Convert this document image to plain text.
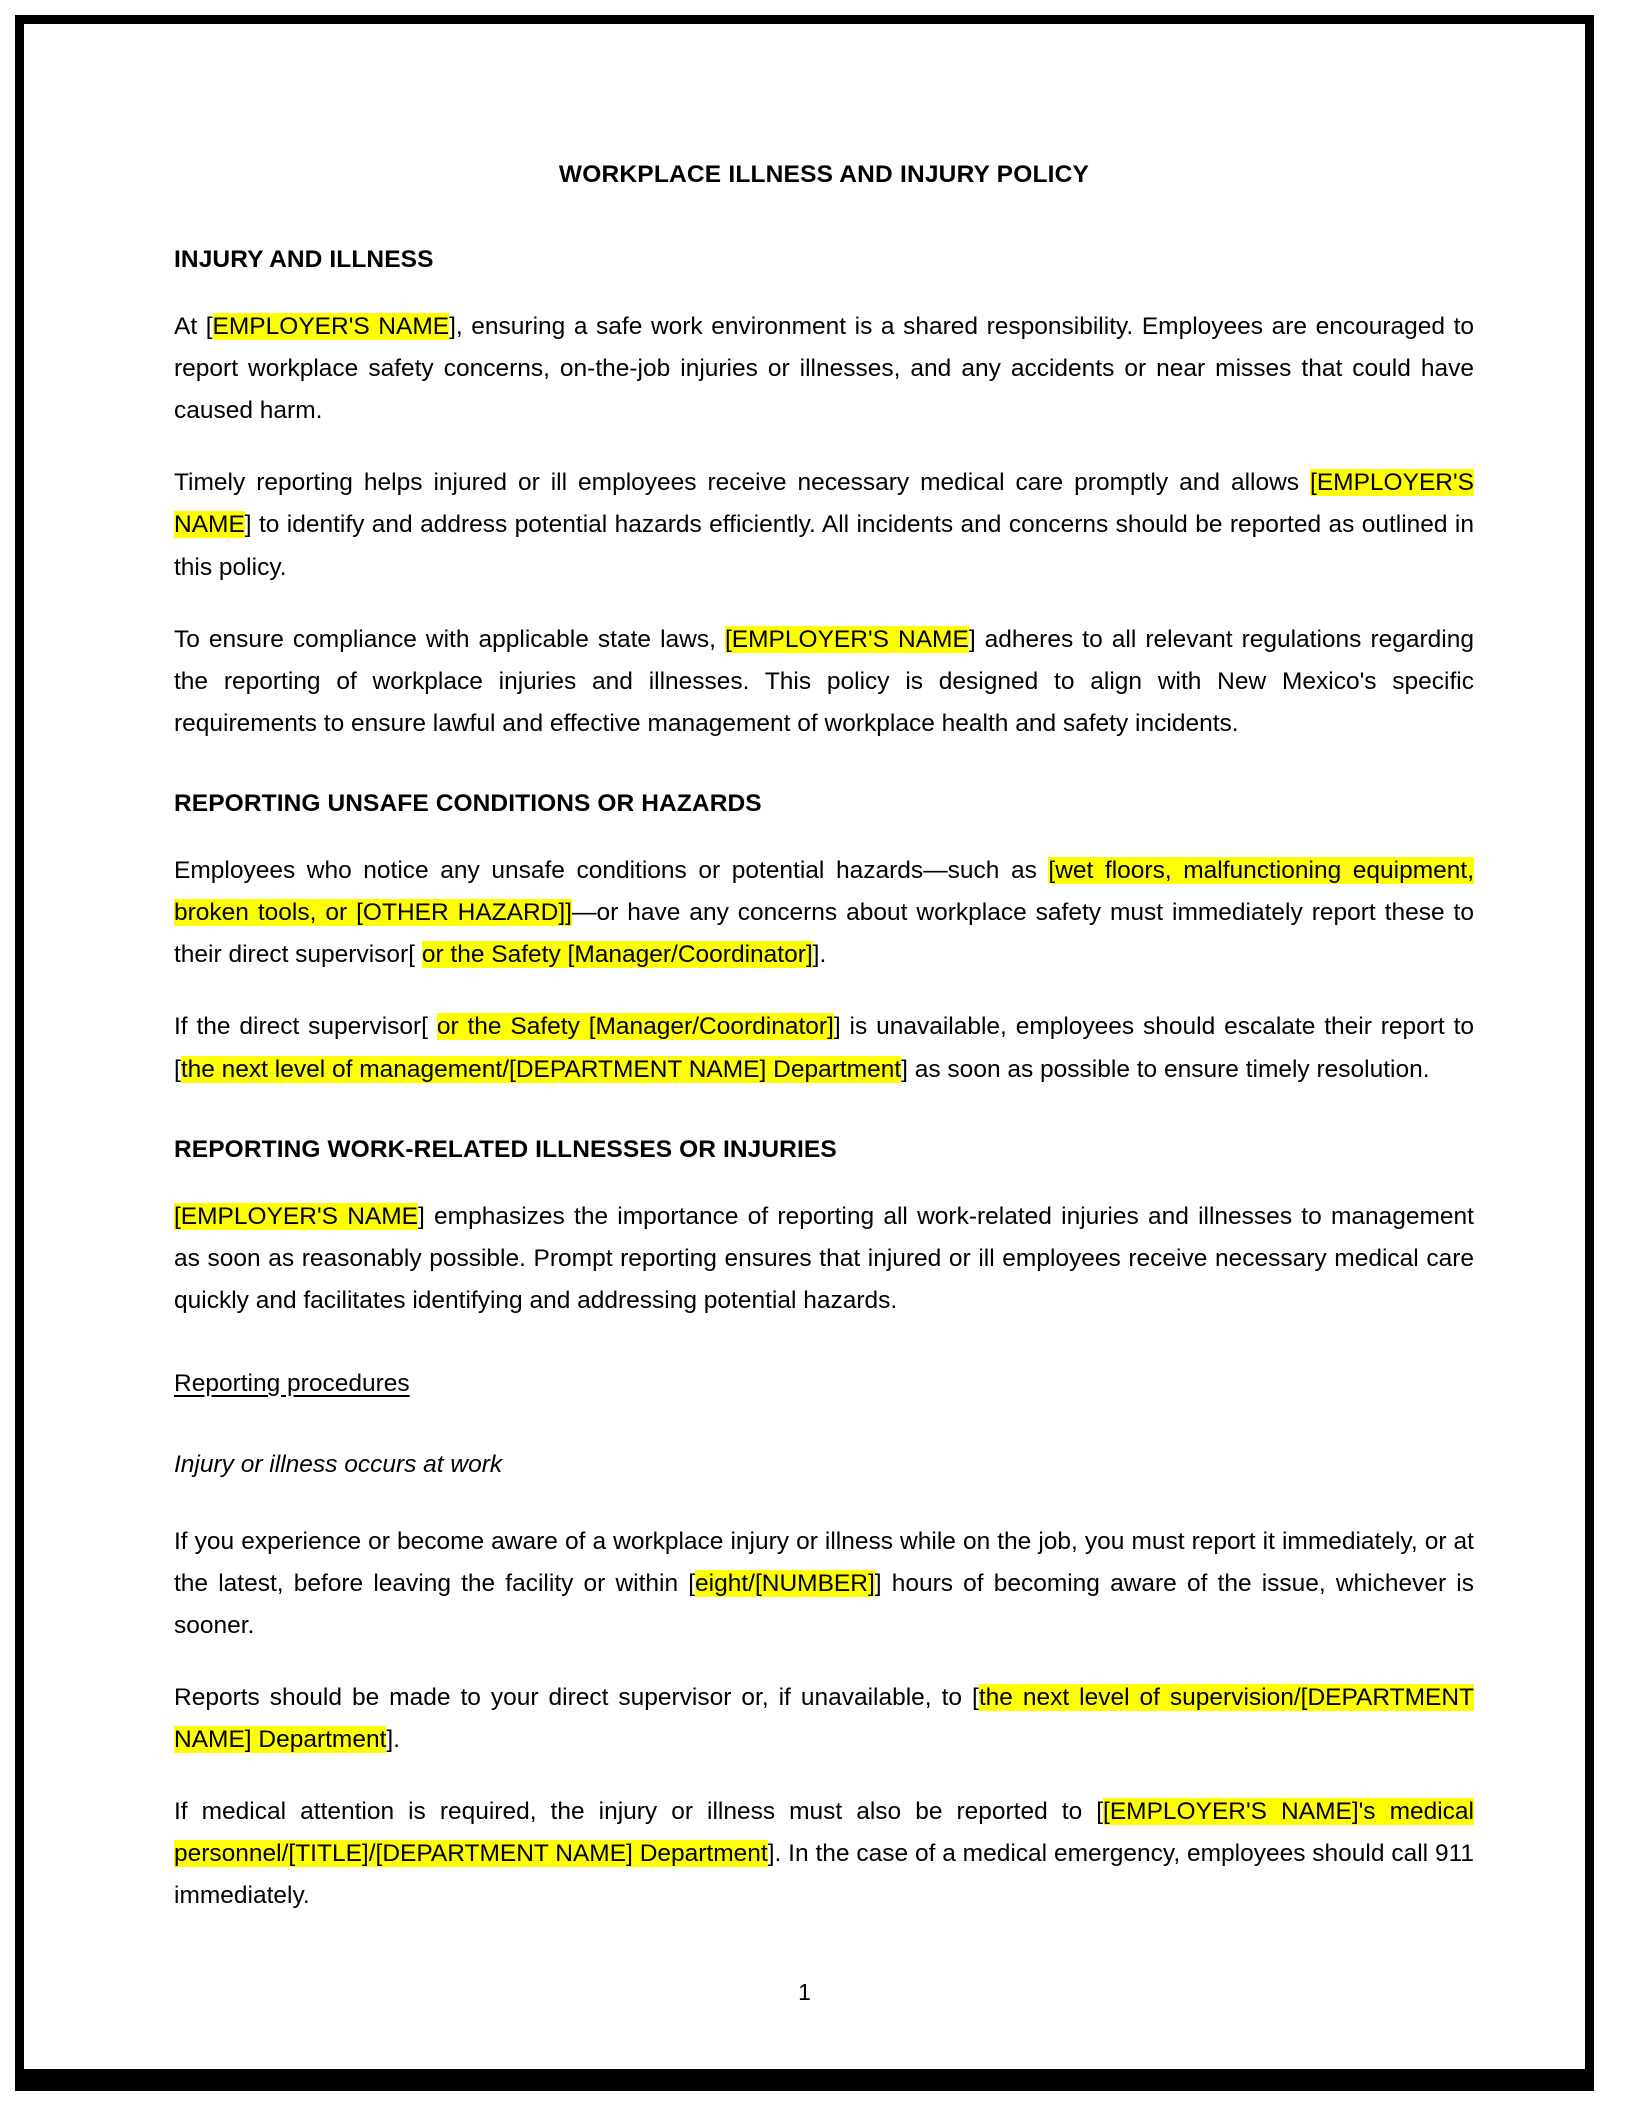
WORKPLACE ILLNESS AND INJURY POLICY
INJURY AND ILLNESS

At [EMPLOYER'S NAME], ensuring a safe work environment is a shared responsibility. Employees are encouraged to report workplace safety concerns, on-the-job injuries or illnesses, and any accidents or near misses that could have caused harm.

Timely reporting helps injured or ill employees receive necessary medical care promptly and allows [EMPLOYER'S NAME] to identify and address potential hazards efficiently. All incidents and concerns should be reported as outlined in this policy.

To ensure compliance with applicable state laws, [EMPLOYER'S NAME] adheres to all relevant regulations regarding the reporting of workplace injuries and illnesses. This policy is designed to align with New Mexico's specific requirements to ensure lawful and effective management of workplace health and safety incidents.

REPORTING UNSAFE CONDITIONS OR HAZARDS

Employees who notice any unsafe conditions or potential hazards—such as [wet floors, malfunctioning equipment, broken tools, or [OTHER HAZARD]]—or have any concerns about workplace safety must immediately report these to their direct supervisor[ or the Safety [Manager/Coordinator]].

If the direct supervisor[ or the Safety [Manager/Coordinator]] is unavailable, employees should escalate their report to [the next level of management/[DEPARTMENT NAME] Department] as soon as possible to ensure timely resolution.

REPORTING WORK-RELATED ILLNESSES OR INJURIES

[EMPLOYER'S NAME] emphasizes the importance of reporting all work-related injuries and illnesses to management as soon as reasonably possible. Prompt reporting ensures that injured or ill employees receive necessary medical care quickly and facilitates identifying and addressing potential hazards.

Reporting procedures
Injury or illness occurs at work

If you experience or become aware of a workplace injury or illness while on the job, you must report it immediately, or at the latest, before leaving the facility or within [eight/[NUMBER]] hours of becoming aware of the issue, whichever is sooner.

Reports should be made to your direct supervisor or, if unavailable, to [the next level of supervision/[DEPARTMENT NAME] Department].

If medical attention is required, the injury or illness must also be reported to [[EMPLOYER'S NAME]'s medical personnel/[TITLE]/[DEPARTMENT NAME] Department]. In the case of a medical emergency, employees should call 911 immediately.

1
